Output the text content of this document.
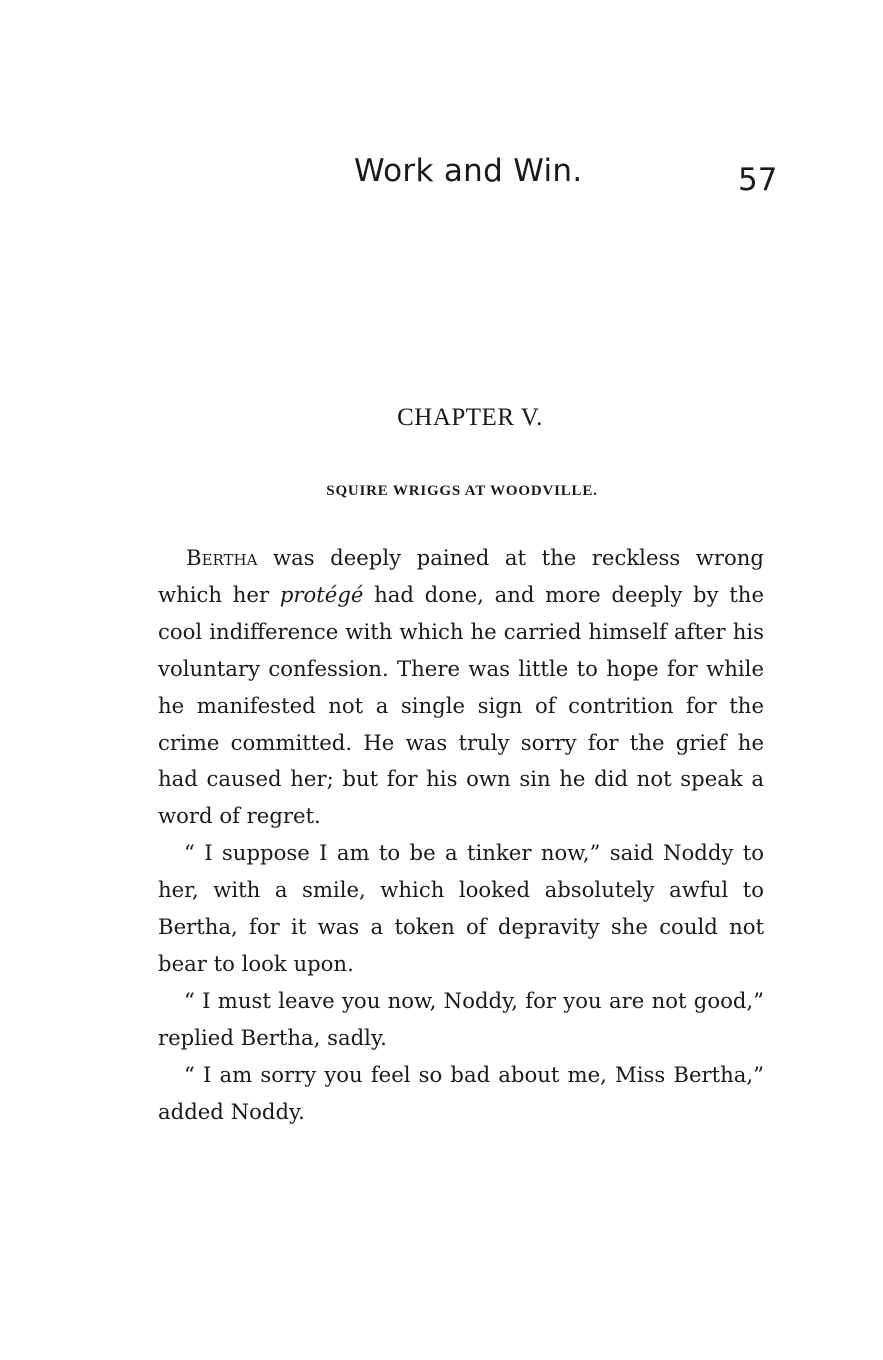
Work and Win.	57
CHAPTER V.
SQUIRE WRIGGS AT WOODVILLE.

Bertha was deeply pained at the reckless wrong which her protégé had done, and more deeply by the cool indifference with which he carried himself after his voluntary confession. There was little to hope for while he manifested not a single sign of contrition for the crime committed. He was truly sorry for the grief he had caused her; but for his own sin he did not speak a word of regret.

“ I suppose I am to be a tinker now,” said Noddy to her, with a smile, which looked absolutely awful to Bertha, for it was a token of depravity she could not bear to look upon.

“ I must leave you now, Noddy, for you are not good,” replied Bertha, sadly.

“ I am sorry you feel so bad about me, Miss Bertha,” added Noddy.
